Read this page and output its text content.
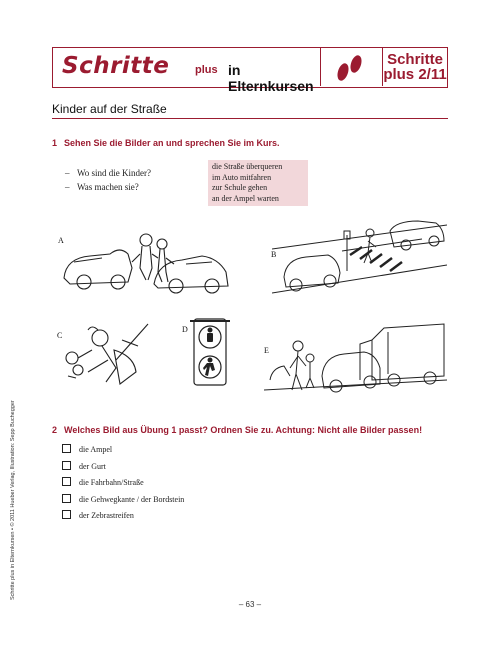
Schritte plus in Elternkursen
Schritte
plus 2/11
Kinder auf der Straße
1 Sehen Sie die Bilder an und sprechen Sie im Kurs.
– Wo sind die Kinder?
– Was machen sie?
die Straße überqueren
im Auto mitfahren
zur Schule gehen
an der Ampel warten
A
B
C
D
E
2 Welches Bild aus Übung 1 passt? Ordnen Sie zu. Achtung: Nicht alle Bilder passen!
die Ampel
der Gurt
die Fahrbahn/Straße
die Gehwegkante / der Bordstein
der Zebrastreifen
Schritte plus in Elternkursen • © 2011 Hueber Verlag, Illustration: Sepp Buchegger
– 63 –
